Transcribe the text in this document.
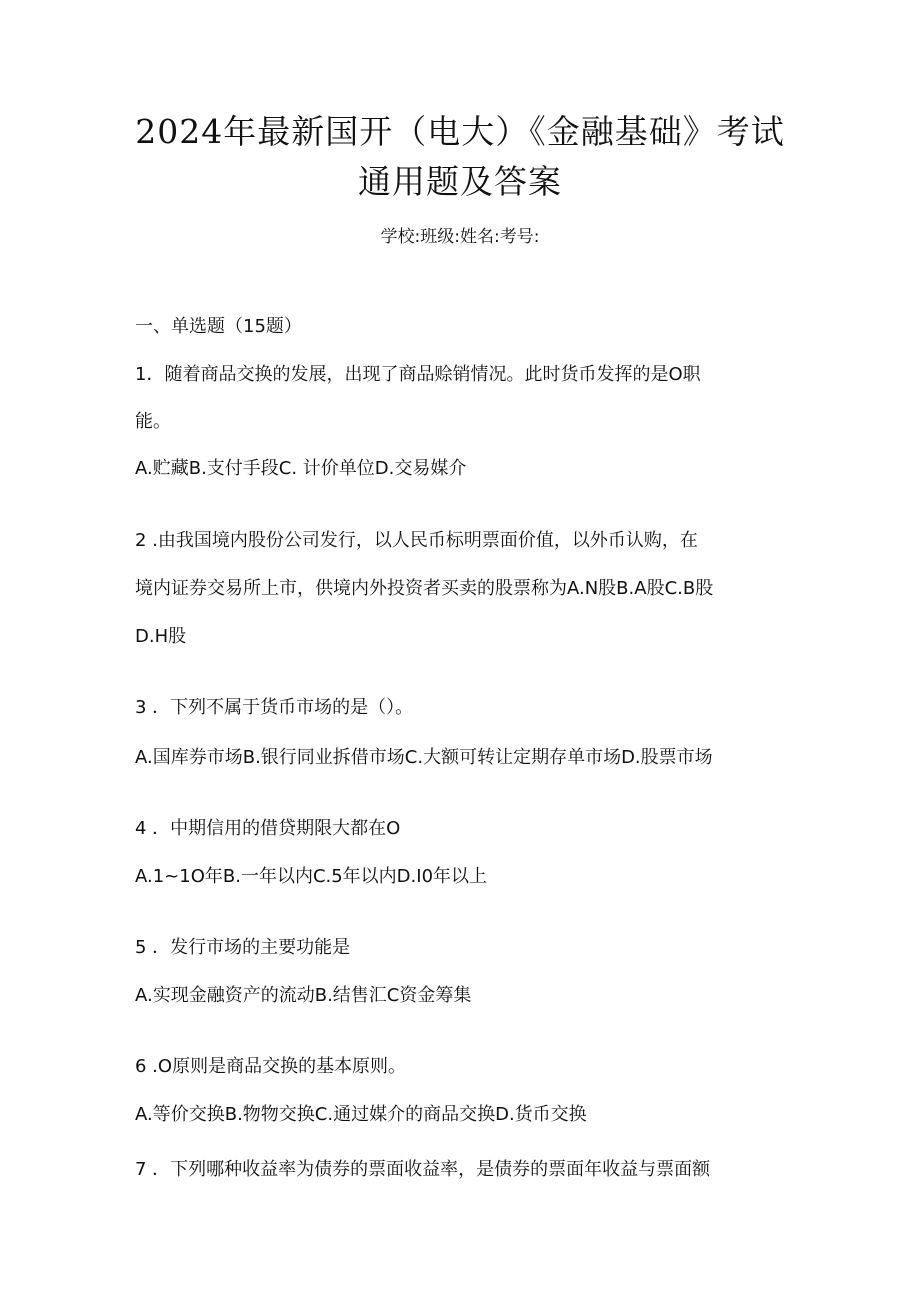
2024年最新国开（电大）《金融基础》考试
通用题及答案
学校:班级:姓名:考号:
一、单选题（15题）
1．随着商品交换的发展，出现了商品赊销情况。此时货币发挥的是O职
能。
A.贮藏B.支付手段C. 计价单位D.交易媒介
2 .由我国境内股份公司发行，以人民币标明票面价值，以外币认购，在
境内证券交易所上市，供境内外投资者买卖的股票称为A.N股B.A股C.B股
D.H股
3 ．下列不属于货币市场的是（）。
A.国库券市场B.银行同业拆借市场C.大额可转让定期存单市场D.股票市场
4 ．中期信用的借贷期限大都在O
A.1~1O年B.一年以内C.5年以内D.I0年以上
5 ．发行市场的主要功能是
A.实现金融资产的流动B.结售汇C资金筹集
6 .O原则是商品交换的基本原则。
A.等价交换B.物物交换C.通过媒介的商品交换D.货币交换
7 ．下列哪种收益率为债券的票面收益率，是债券的票面年收益与票面额
